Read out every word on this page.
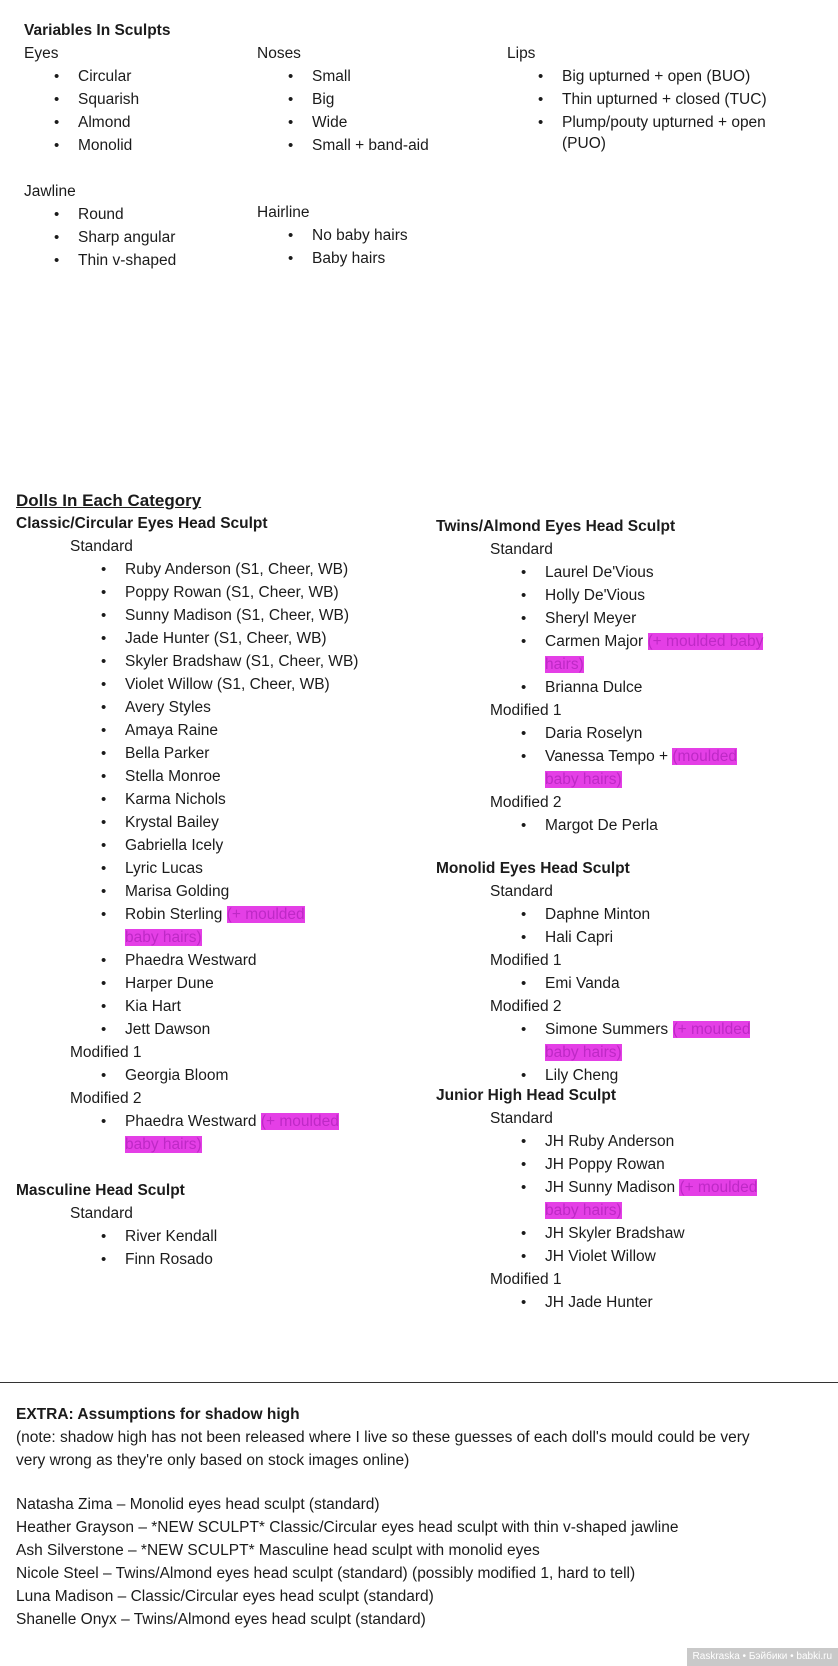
Variables In Sculpts
Eyes
• Circular
• Squarish
• Almond
• Monolid
Noses
• Small
• Big
• Wide
• Small + band-aid
Lips
• Big upturned + open (BUO)
• Thin upturned + closed (TUC)
• Plump/pouty upturned + open
(PUO)
Jawline
• Round
• Sharp angular
• Thin v-shaped
Hairline
• No baby hairs
• Baby hairs
Dolls In Each Category
Classic/Circular Eyes Head Sculpt
Standard
• Ruby Anderson (S1, Cheer, WB)
• Poppy Rowan (S1, Cheer, WB)
• Sunny Madison (S1, Cheer, WB)
• Jade Hunter (S1, Cheer, WB)
• Skyler Bradshaw (S1, Cheer, WB)
• Violet Willow (S1, Cheer, WB)
• Avery Styles
• Amaya Raine
• Bella Parker
• Stella Monroe
• Karma Nichols
• Krystal Bailey
• Gabriella Icely
• Lyric Lucas
• Marisa Golding
• Robin Sterling (+ moulded
baby hairs)
• Phaedra Westward
• Harper Dune
• Kia Hart
• Jett Dawson
Modified 1
• Georgia Bloom
Modified 2
• Phaedra Westward (+ moulded
baby hairs)
Masculine Head Sculpt
Standard
• River Kendall
• Finn Rosado
Twins/Almond Eyes Head Sculpt
Standard
• Laurel De'Vious
• Holly De'Vious
• Sheryl Meyer
• Carmen Major (+ moulded baby
hairs)
• Brianna Dulce
Modified 1
• Daria Roselyn
• Vanessa Tempo + (moulded
baby hairs)
Modified 2
• Margot De Perla
Monolid Eyes Head Sculpt
Standard
• Daphne Minton
• Hali Capri
Modified 1
• Emi Vanda
Modified 2
• Simone Summers (+ moulded
baby hairs)
• Lily Cheng
Junior High Head Sculpt
Standard
• JH Ruby Anderson
• JH Poppy Rowan
• JH Sunny Madison (+ moulded
baby hairs)
• JH Skyler Bradshaw
• JH Violet Willow
Modified 1
• JH Jade Hunter
EXTRA: Assumptions for shadow high
(note: shadow high has not been released where I live so these guesses of each doll's mould could be very
very wrong as they're only based on stock images online)
Natasha Zima – Monolid eyes head sculpt (standard)
Heather Grayson – *NEW SCULPT* Classic/Circular eyes head sculpt with thin v-shaped jawline
Ash Silverstone – *NEW SCULPT* Masculine head sculpt with monolid eyes
Nicole Steel – Twins/Almond eyes head sculpt (standard) (possibly modified 1, hard to tell)
Luna Madison – Classic/Circular eyes head sculpt (standard)
Shanelle Onyx – Twins/Almond eyes head sculpt (standard)
Raskraska • Бэйбики • babki.ru
